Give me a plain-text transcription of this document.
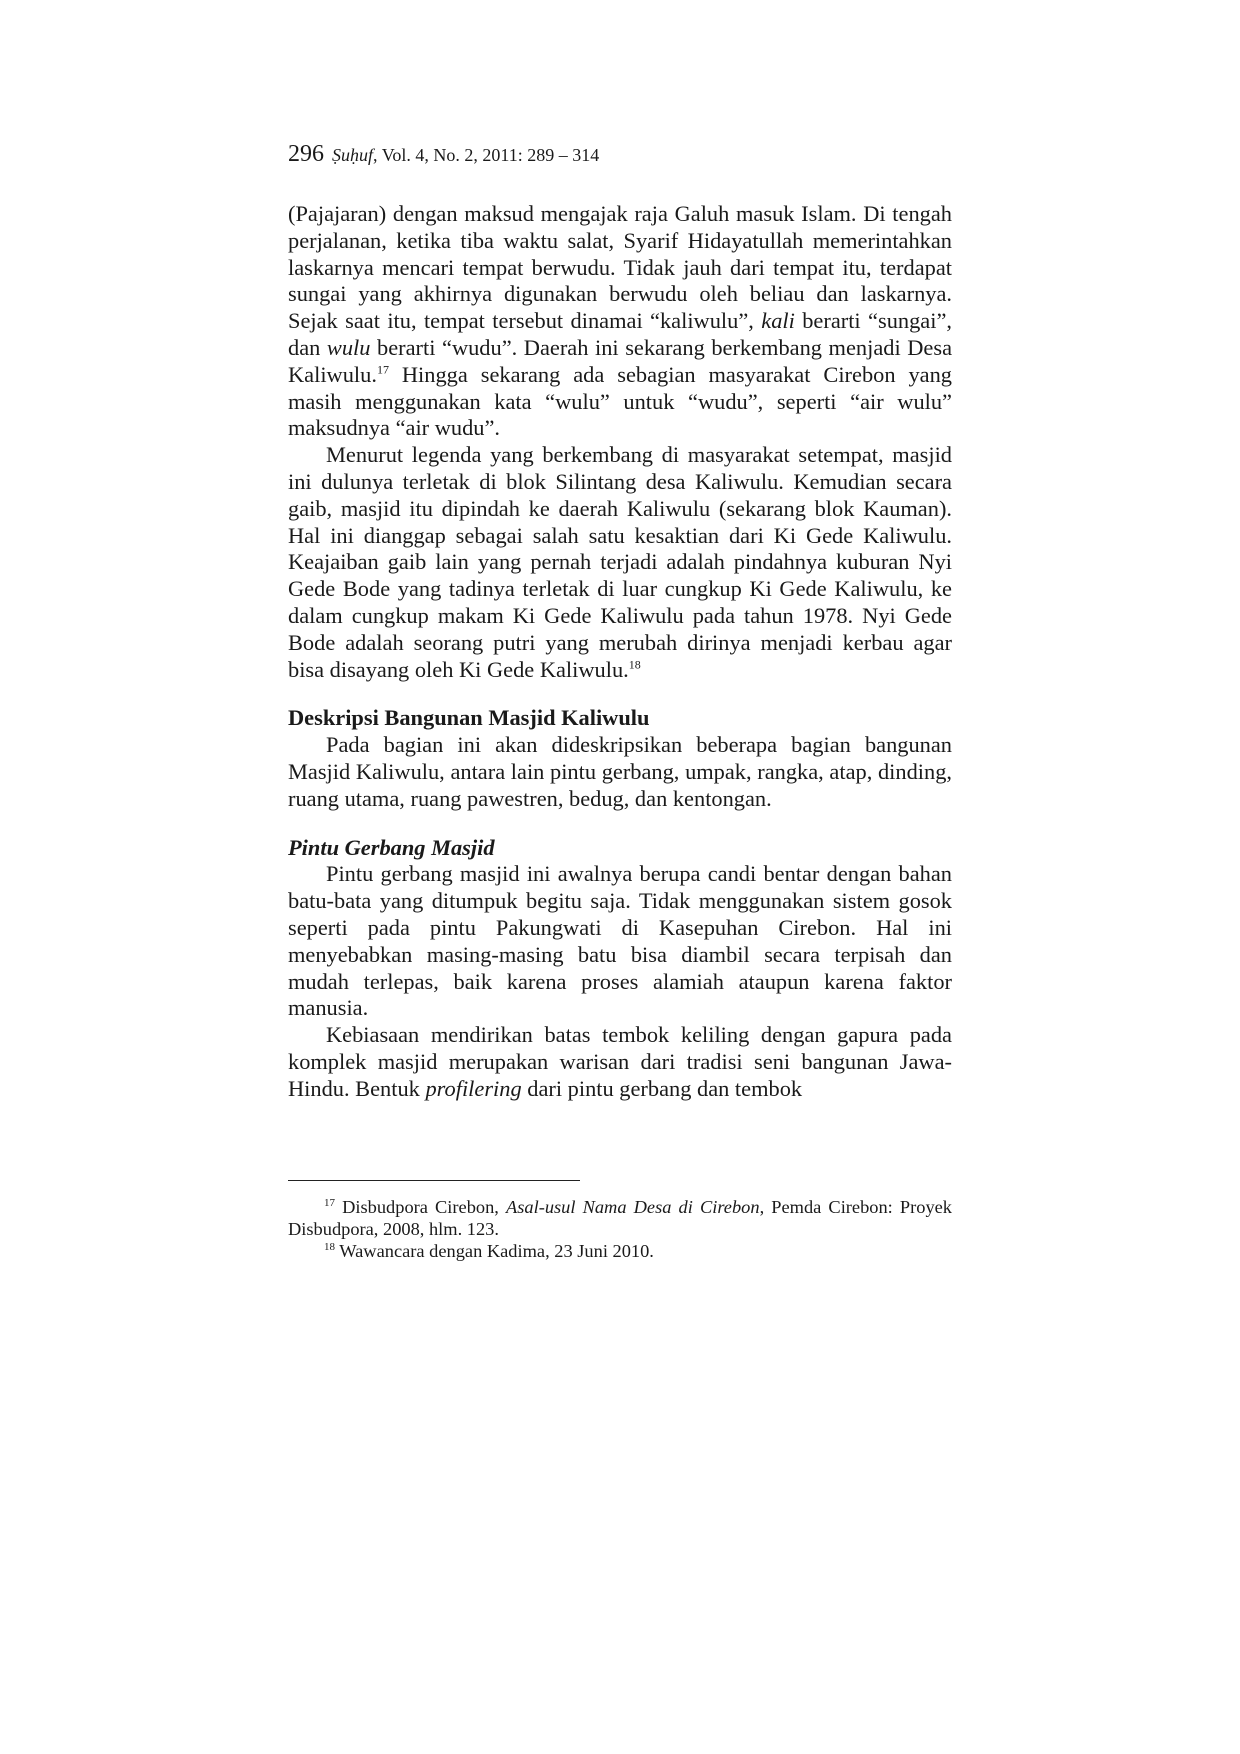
296 Ṣuḥuf, Vol. 4, No. 2, 2011: 289 – 314

(Pajajaran) dengan maksud mengajak raja Galuh masuk Islam. Di tengah perjalanan, ketika tiba waktu salat, Syarif Hidayatullah memerintahkan laskarnya mencari tempat berwudu. Tidak jauh dari tempat itu, terdapat sungai yang akhirnya digunakan berwudu oleh beliau dan laskarnya. Sejak saat itu, tempat tersebut dinamai “kaliwulu”, kali berarti “sungai”, dan wulu berarti “wudu”. Daerah ini sekarang berkembang menjadi Desa Kaliwulu.$^{17}$ Hingga sekarang ada sebagian masyarakat Cirebon yang masih menggunakan kata “wulu” untuk “wudu”, seperti “air wulu” maksudnya “air wudu”.

Menurut legenda yang berkembang di masyarakat setempat, masjid ini dulunya terletak di blok Silintang desa Kaliwulu. Kemudian secara gaib, masjid itu dipindah ke daerah Kaliwulu (sekarang blok Kauman). Hal ini dianggap sebagai salah satu kesaktian dari Ki Gede Kaliwulu. Keajaiban gaib lain yang pernah terjadi adalah pindahnya kuburan Nyi Gede Bode yang tadinya terletak di luar cungkup Ki Gede Kaliwulu, ke dalam cungkup makam Ki Gede Kaliwulu pada tahun 1978. Nyi Gede Bode adalah seorang putri yang merubah dirinya menjadi kerbau agar bisa disayang oleh Ki Gede Kaliwulu.$^{18}$

Deskripsi Bangunan Masjid Kaliwulu

Pada bagian ini akan dideskripsikan beberapa bagian bangunan Masjid Kaliwulu, antara lain pintu gerbang, umpak, rangka, atap, dinding, ruang utama, ruang pawestren, bedug, dan kentongan.

Pintu Gerbang Masjid

Pintu gerbang masjid ini awalnya berupa candi bentar dengan bahan batu-bata yang ditumpuk begitu saja. Tidak menggunakan sistem gosok seperti pada pintu Pakungwati di Kasepuhan Cirebon. Hal ini menyebabkan masing-masing batu bisa diambil secara terpisah dan mudah terlepas, baik karena proses alamiah ataupun karena faktor manusia.

Kebiasaan mendirikan batas tembok keliling dengan gapura pada komplek masjid merupakan warisan dari tradisi seni bangunan Jawa-Hindu. Bentuk profilering dari pintu gerbang dan tembok

$^{17}$ Disbudpora Cirebon, Asal-usul Nama Desa di Cirebon, Pemda Cirebon: Proyek Disbudpora, 2008, hlm. 123.

$^{18}$ Wawancara dengan Kadima, 23 Juni 2010.
